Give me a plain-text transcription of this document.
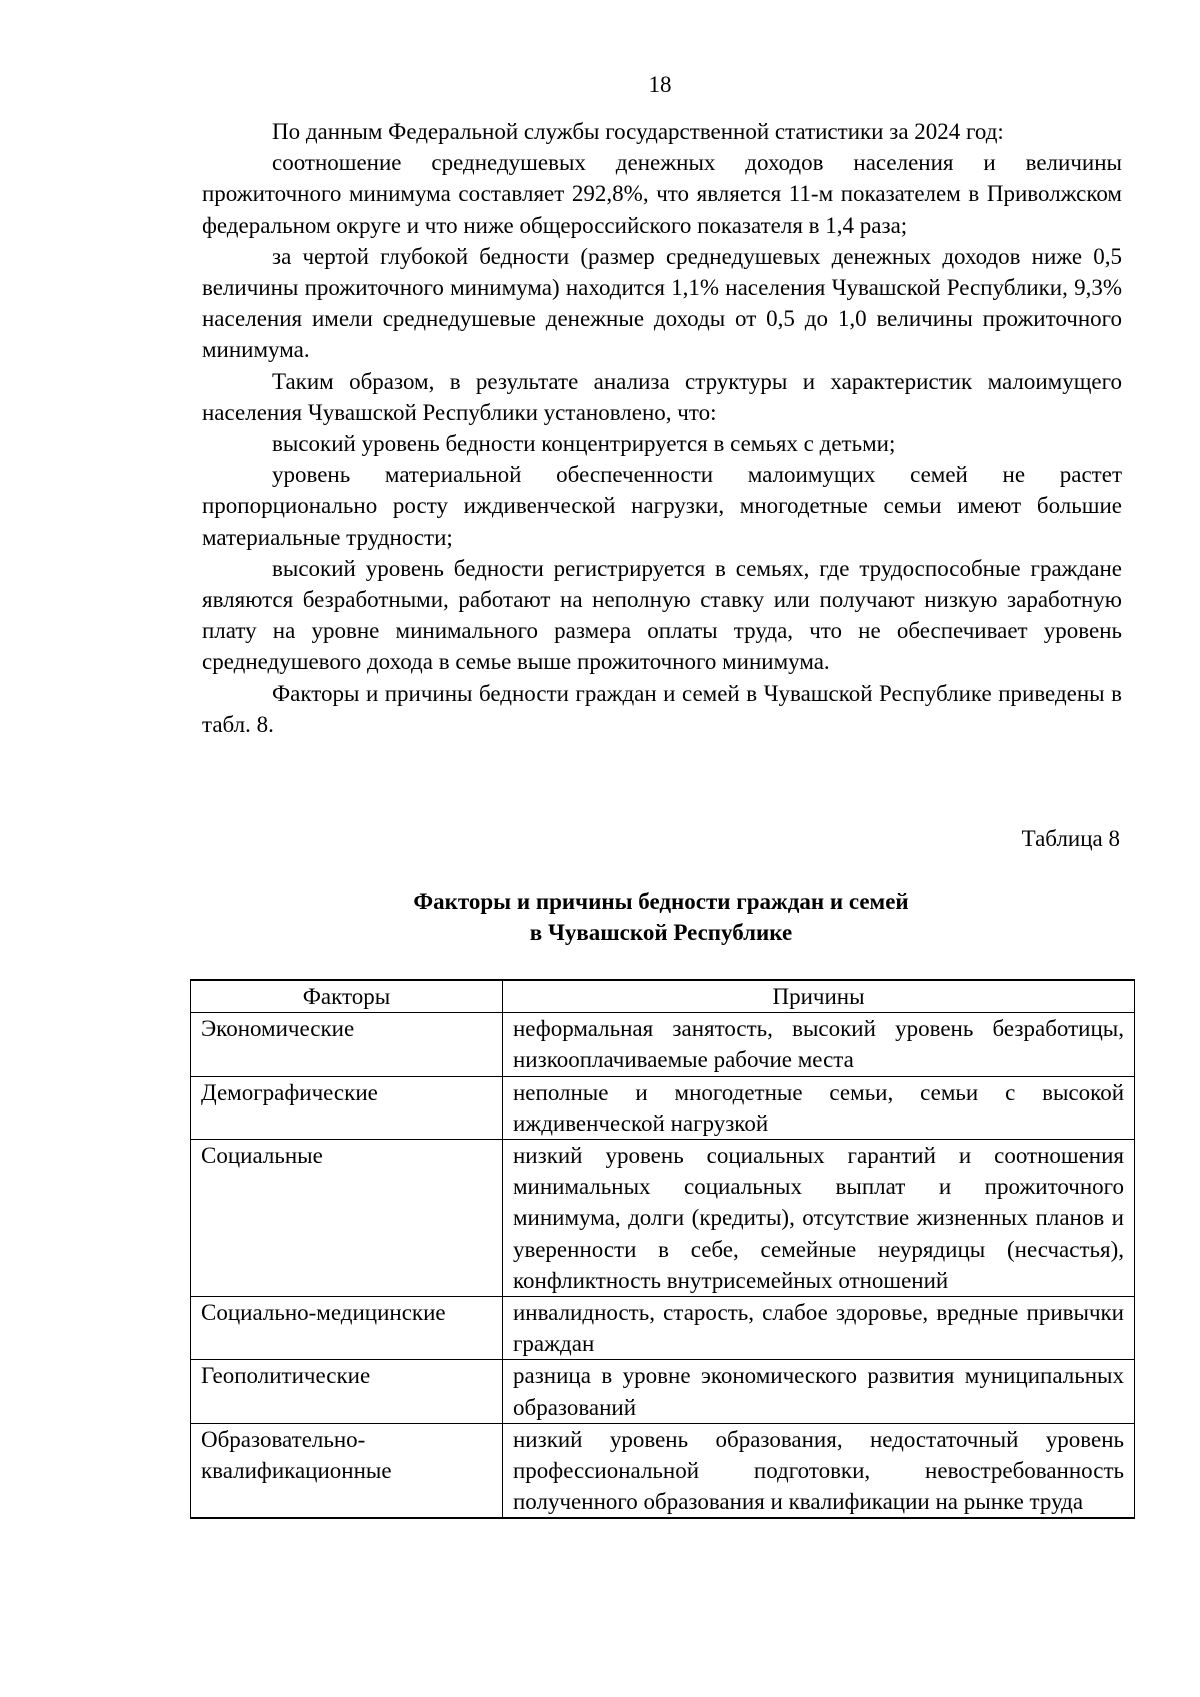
18

По данным Федеральной службы государственной статистики за 2024 год:

соотношение среднедушевых денежных доходов населения и величины прожиточного минимума составляет 292,8%, что является 11-м показателем в Приволжском федеральном округе и что ниже общероссийского показателя в 1,4 раза;

за чертой глубокой бедности (размер среднедушевых денежных доходов ниже 0,5 величины прожиточного минимума) находится 1,1% населения Чувашской Республики, 9,3% населения имели среднедушевые денежные доходы от 0,5 до 1,0 величины прожиточного минимума.

Таким образом, в результате анализа структуры и характеристик малоимущего населения Чувашской Республики установлено, что:

высокий уровень бедности концентрируется в семьях с детьми;

уровень материальной обеспеченности малоимущих семей не растет пропорционально росту иждивенческой нагрузки, многодетные семьи имеют большие материальные трудности;

высокий уровень бедности регистрируется в семьях, где трудоспособные граждане являются безработными, работают на неполную ставку или получают низкую заработную плату на уровне минимального размера оплаты труда, что не обеспечивает уровень среднедушевого дохода в семье выше прожиточного минимума.

Факторы и причины бедности граждан и семей в Чувашской Республике приведены в табл. 8.

Таблица 8
Факторы и причины бедности граждан и семей
в Чувашской Республике
Факторы	Причины
Экономические	неформальная занятость, высокий уровень безработицы, низкооплачиваемые рабочие места
Демографические	неполные и многодетные семьи, семьи с высокой иждивенческой нагрузкой
Социальные	низкий уровень социальных гарантий и соотношения минимальных социальных выплат и прожиточного минимума, долги (кредиты), отсутствие жизненных планов и уверенности в себе, семейные неурядицы (несчастья), конфликтность внутрисемейных отношений
Социально-медицинские	инвалидность, старость, слабое здоровье, вредные привычки граждан
Геополитические	разница в уровне экономического развития муниципальных образований

Образовательно-
квалификационные	низкий уровень образования, недостаточный уровень профессиональной подготовки, невостребованность полученного образования и квалификации на рынке труда
